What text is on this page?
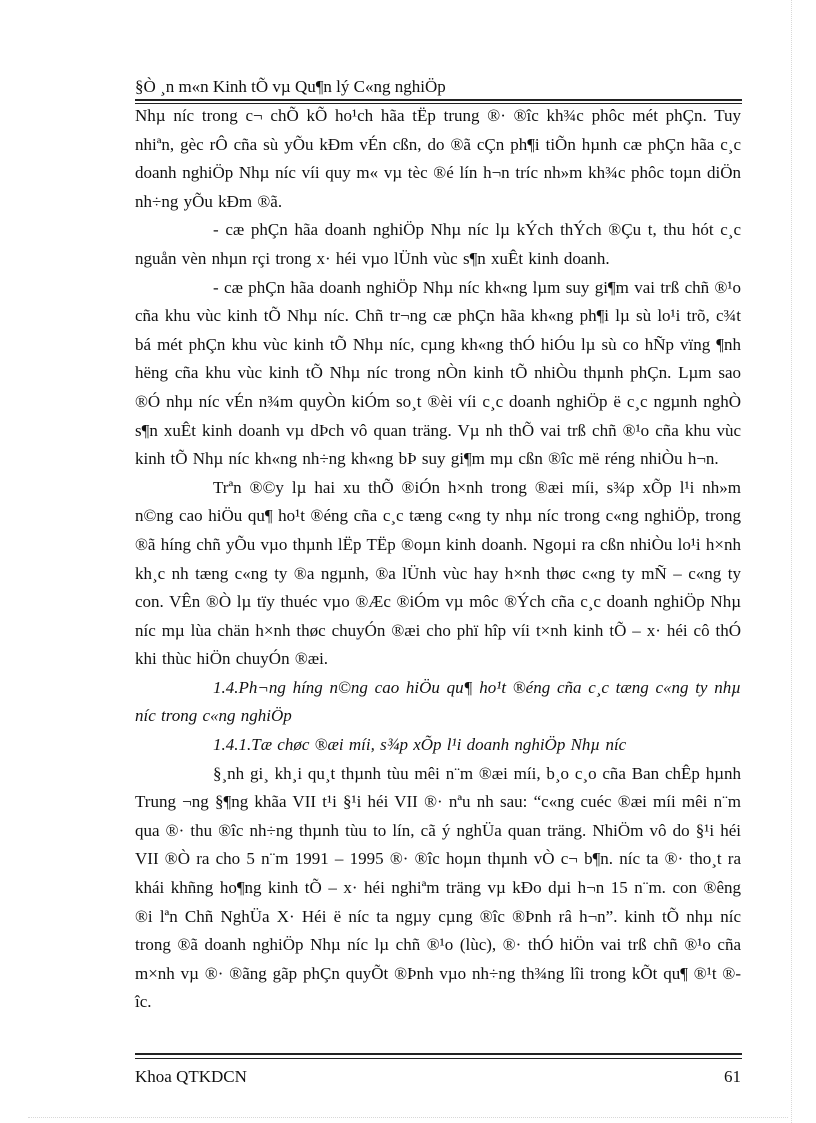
§Ò ¸n m«n Kinh tÕ vµ Qu¶n lý C«ng nghiÖp

Nhµ níc trong c¬ chÕ kÕ ho¹ch hãa tËp trung ®· ®îc kh¾c phôc mét phÇn. Tuy nhiªn, gèc rÔ cña sù yÕu kÐm vÉn cßn, do ®ã cÇn ph¶i tiÕn hµnh cæ phÇn hãa c¸c doanh nghiÖp Nhµ níc víi quy m« vµ tèc ®é lín h¬n tríc nh»m kh¾c phôc toµn diÖn nh÷ng yÕu kÐm ®ã.

- cæ phÇn hãa doanh nghiÖp Nhµ níc lµ kÝch thÝch ®Çu t, thu hót c¸c nguån vèn nhµn rçi trong x· héi vµo lÜnh vùc s¶n xuÊt kinh doanh.

- cæ phÇn hãa doanh nghiÖp Nhµ níc kh«ng lµm suy gi¶m vai trß chñ ®¹o cña khu vùc kinh tÕ Nhµ níc. Chñ tr¬ng cæ phÇn hãa kh«ng ph¶i lµ sù lo¹i trõ, c¾t bá mét phÇn khu vùc kinh tÕ Nhµ níc, cµng kh«ng thÓ hiÓu lµ sù co hÑp vïng ¶nh hëng cña khu vùc kinh tÕ Nhµ níc trong nÒn kinh tÕ nhiÒu thµnh phÇn. Lµm sao ®Ó nhµ níc vÉn n¾m quyÒn kiÓm so¸t ®èi víi c¸c doanh nghiÖp ë c¸c ngµnh nghÒ s¶n xuÊt kinh doanh vµ dÞch vô quan träng. Vµ nh thÕ vai trß chñ ®¹o cña khu vùc kinh tÕ Nhµ níc kh«ng nh÷ng kh«ng bÞ suy gi¶m mµ cßn ®îc më réng nhiÒu h¬n.

Trªn ®©y lµ hai xu thÕ ®iÓn h×nh trong ®æi míi, s¾p xÕp l¹i nh»m n©ng cao hiÖu qu¶ ho¹t ®éng cña c¸c tæng c«ng ty nhµ níc trong c«ng nghiÖp, trong ®ã híng chñ yÕu vµo thµnh lËp TËp ®oµn kinh doanh. Ngoµi ra cßn nhiÒu lo¹i h×nh kh¸c nh tæng c«ng ty ®a ngµnh, ®a lÜnh vùc hay h×nh thøc c«ng ty mÑ – c«ng ty con. VÊn ®Ò lµ tïy thuéc vµo ®Æc ®iÓm vµ môc ®Ých cña c¸c doanh nghiÖp Nhµ níc mµ lùa chän h×nh thøc chuyÓn ®æi cho phï hîp víi t×nh kinh tÕ – x· héi cô thÓ khi thùc hiÖn chuyÓn ®æi.

1.4.Ph¬ng híng n©ng cao hiÖu qu¶ ho¹t ®éng cña c¸c tæng c«ng ty nhµ níc trong c«ng nghiÖp

1.4.1.Tæ chøc ®æi míi, s¾p xÕp l¹i doanh nghiÖp Nhµ níc

§¸nh gi¸ kh¸i qu¸t thµnh tùu mêi n¨m ®æi míi, b¸o c¸o cña Ban chÊp hµnh Trung ¬ng §¶ng khãa VII t¹i §¹i héi VII ®· nªu nh sau: “c«ng cuéc ®æi míi mêi n¨m qua ®· thu ®îc nh÷ng thµnh tùu to lín, cã ý nghÜa quan träng. NhiÖm vô do §¹i héi VII ®Ò ra cho 5 n¨m 1991 – 1995 ®· ®îc hoµn thµnh vÒ c¬ b¶n. níc ta ®· tho¸t ra khái khñng ho¶ng kinh tÕ – x· héi nghiªm träng vµ kÐo dµi h¬n 15 n¨m. con ®êng ®i lªn Chñ NghÜa X· Héi ë níc ta ngµy cµng ®îc ®Þnh râ h¬n”. kinh tÕ nhµ níc trong ®ã doanh nghiÖp Nhµ níc lµ chñ ®¹o (lùc), ®· thÓ hiÖn vai trß chñ ®¹o cña m×nh vµ ®· ®ãng gãp phÇn quyÕt ®Þnh vµo nh÷ng th¾ng lîi trong kÕt qu¶ ®¹t ®îc.

Khoa QTKDCN	61
